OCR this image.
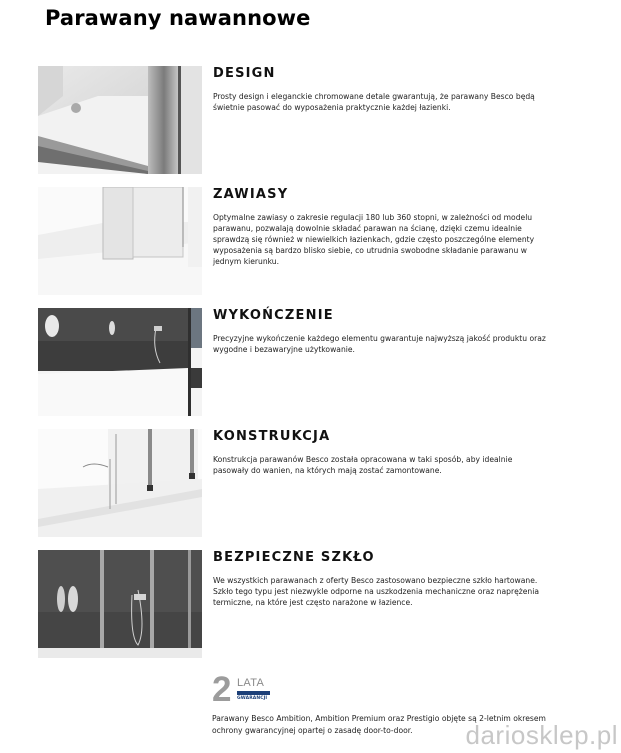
Parawany nawannowe
DESIGN

Prosty design i eleganckie chromowane detale gwarantują, że parawany Besco będą świetnie pasować do wyposażenia praktycznie każdej łazienki.

ZAWIASY

Optymalne zawiasy o zakresie regulacji 180 lub 360 stopni, w zależności od modelu parawanu, pozwalają dowolnie składać parawan na ścianę, dzięki czemu idealnie sprawdzą się również w niewielkich łazienkach, gdzie często poszczególne elementy wyposażenia są bardzo blisko siebie, co utrudnia swobodne składanie parawanu w jednym kierunku.

WYKOŃCZENIE

Precyzyjne wykończenie każdego elementu gwarantuje najwyższą jakość produktu oraz wygodne i bezawaryjne użytkowanie.

KONSTRUKCJA

Konstrukcja parawanów Besco została opracowana w taki sposób, aby idealnie pasowały do wanien, na których mają zostać zamontowane.

BEZPIECZNE SZKŁO

We wszystkich parawanach z oferty Besco zastosowano bezpieczne szkło hartowane. Szkło tego typu jest niezwykle odporne na uszkodzenia mechaniczne oraz naprężenia termiczne, na które jest często narażone w łazience.

2 LATA
GWARANCJI

Parawany Besco Ambition, Ambition Premium oraz Prestigio objęte są 2-letnim okresem ochrony gwarancyjnej opartej o zasadę door-to-door.	dariosklep.pl
